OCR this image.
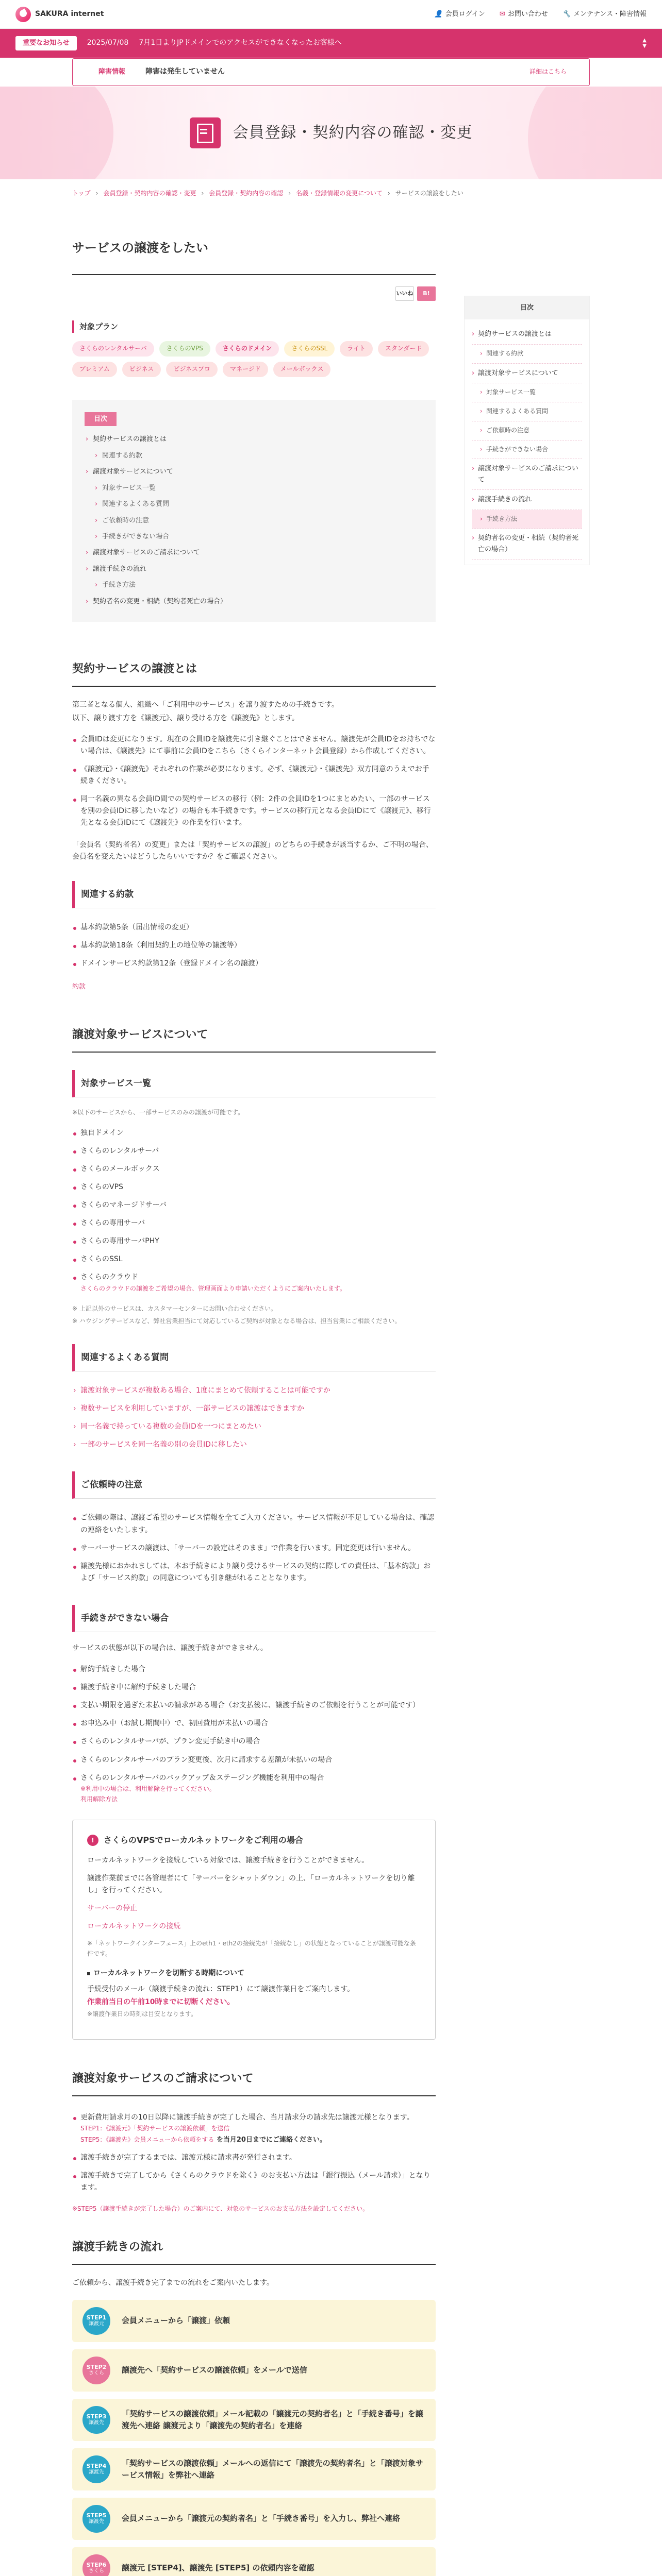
SAKURA internet	👤 会員ログイン ✉ お問い合わせ 🔧 メンテナンス・障害情報
重要なお知らせ	2025/07/08 7月1日よりJPドメインでのアクセスができなくなったお客様へ	▲
▼
障害情報	障害は発生していません	詳細はこちら
会員登録・契約内容の確認・変更
トップ › 会員登録・契約内容の確認・変更 › 会員登録・契約内容の確認 › 名義・登録情報の変更について › サービスの譲渡をしたい
サービスの譲渡をしたい
いいね	B!
対象プラン
さくらのレンタルサーバ	さくらのVPS	さくらのドメイン	さくらのSSL	ライト	スタンダード
プレミアム	ビジネス	ビジネスプロ	マネージド	メールボックス
目次
› 契約サービスの譲渡とは
› 関連する約款
› 譲渡対象サービスについて
› 対象サービス一覧
› 関連するよくある質問
› ご依頼時の注意
› 手続きができない場合
› 譲渡対象サービスのご請求について
› 譲渡手続きの流れ
› 手続き方法
› 契約者名の変更・相続（契約者死亡の場合）
契約サービスの譲渡とは

第三者となる個人、組織へ「ご利用中のサービス」を譲り渡すための手続きです。

以下、譲り渡す方を《譲渡元》、譲り受ける方を《譲渡先》とします。

会員IDは変更になります。現在の会員IDを譲渡先に引き継ぐことはできません。譲渡先が会員IDをお持ちでない場合は、《譲渡先》にて事前に会員IDをこちら（さくらインターネット会員登録）から作成してください。
《譲渡元》・《譲渡先》それぞれの作業が必要になります。必ず、《譲渡元》・《譲渡先》双方同意のうえでお手続きください。
同一名義の異なる会員ID間での契約サービスの移行（例：2件の会員IDを1つにまとめたい、一部のサービスを別の会員IDに移したいなど）の場合も本手続きです。サービスの移行元となる会員IDにて《譲渡元》、移行先となる会員IDにて《譲渡先》の作業を行います。

「会員名（契約者名）の変更」または「契約サービスの譲渡」のどちらの手続きが該当するか、ご不明の場合、会員名を変えたいはどうしたらいいですか？をご確認ください。

関連する約款
基本約款第5条（届出情報の変更）
基本約款第18条（利用契約上の地位等の譲渡等）
ドメインサービス約款第12条（登録ドメイン名の譲渡）
約款
譲渡対象サービスについて
対象サービス一覧

※以下のサービスから、一部サービスのみの譲渡が可能です。

独自ドメイン
さくらのレンタルサーバ
さくらのメールボックス
さくらのVPS
さくらのマネージドサーバ
さくらの専用サーバ
さくらの専用サーバPHY
さくらのSSL
さくらのクラウド
さくらのクラウドの譲渡をご希望の場合、管理画面より申請いただくようにご案内いたします。

※ 上記以外のサービスは、カスタマーセンターにお問い合わせください。

※ ハウジングサービスなど、弊社営業担当にて対応しているご契約が対象となる場合は、担当営業にご相談ください。

関連するよくある質問
› 譲渡対象サービスが複数ある場合、1度にまとめて依頼することは可能ですか
› 複数サービスを利用していますが、一部サービスの譲渡はできますか
› 同一名義で持っている複数の会員IDを一つにまとめたい
› 一部のサービスを同一名義の別の会員IDに移したい
ご依頼時の注意
ご依頼の際は、譲渡ご希望のサービス情報を全てご入力ください。サービス情報が不足している場合は、確認の連絡をいたします。
サーバーサービスの譲渡は、「サーバーの設定はそのまま」で作業を行います。固定変更は行いません。
譲渡先様におかれましては、本お手続きにより譲り受けるサービスの契約に際しての責任は、「基本約款」および「サービス約款」の同意についても引き継がれることとなります。
手続きができない場合

サービスの状態が以下の場合は、譲渡手続きができません。

解約手続きした場合
譲渡手続き中に解約手続きした場合
支払い期限を過ぎた未払いの請求がある場合（お支払後に、譲渡手続きのご依頼を行うことが可能です）
お申込み中（お試し期間中）で、初回費用が未払いの場合
さくらのレンタルサーバが、プラン変更手続き中の場合
さくらのレンタルサーバのプラン変更後、次月に請求する差額が未払いの場合
さくらのレンタルサーバのバックアップ＆ステージング機能を利用中の場合
※利用中の場合は、利用解除を行ってください。
利用解除方法
!	さくらのVPSでローカルネットワークをご利用の場合

ローカルネットワークを接続している対象では、譲渡手続きを行うことができません。

譲渡作業前までに各管理者にて「サーバーをシャットダウン」の上、「ローカルネットワークを切り離し」を行ってください。

サーバーの停止

ローカルネットワークの接続

※「ネットワークインターフェース」上のeth1・eth2の接続先が「接続なし」の状態となっていることが譲渡可能な条件です。

ローカルネットワークを切断する時期について

手続受付のメール（譲渡手続きの流れ：STEP1）にて譲渡作業日をご案内します。

作業前当日の午前10時までに切断ください。

※譲渡作業日の時刻は目安となります。

譲渡対象サービスのご請求について
更新費用請求月の10日以降に譲渡手続きが完了した場合、当月請求分の請求先は譲渡元様となります。
STEP1：《譲渡元》「契約サービスの譲渡依頼」を送信
STEP5：《譲渡先》会員メニューから依頼をする を当月20日までにご連絡ください。
譲渡手続きが完了するまでは、譲渡元様に請求書が発行されます。
譲渡手続きで完了してから《さくらのクラウドを除く》のお支払い方法は「銀行振込（メール請求）」となります。

※STEP5（譲渡手続きが完了した場合）のご案内にて、対象のサービスのお支払方法を設定してください。

譲渡手続きの流れ

ご依頼から、譲渡手続き完了までの流れをご案内いたします。

STEP1
譲渡元 会員メニューから「譲渡」依頼
STEP2
さくら 譲渡先へ「契約サービスの譲渡依頼」をメールで送信
STEP3
譲渡先
「契約サービスの譲渡依頼」メール記載の「譲渡元の契約者名」と「手続き番号」を譲渡先へ連絡 譲渡元より「譲渡先の契約者名」を連絡
STEP4
譲渡先
「契約サービスの譲渡依頼」メールへの返信にて「譲渡先の契約者名」と「譲渡対象サービス情報」を弊社へ連絡
STEP5
譲渡先 会員メニューから「譲渡元の契約者名」と「手続き番号」を入力し、弊社へ連絡
STEP6
さくら 譲渡元 [STEP4]、譲渡先 [STEP5] の依頼内容を確認
目次
› 契約サービスの譲渡とは
› 関連する約款
› 譲渡対象サービスについて
› 対象サービス一覧
› 関連するよくある質問
› ご依頼時の注意
› 手続きができない場合
› 譲渡対象サービスのご請求について
› 譲渡手続きの流れ
› 手続き方法
› 契約者名の変更・相続（契約者死亡の場合）
